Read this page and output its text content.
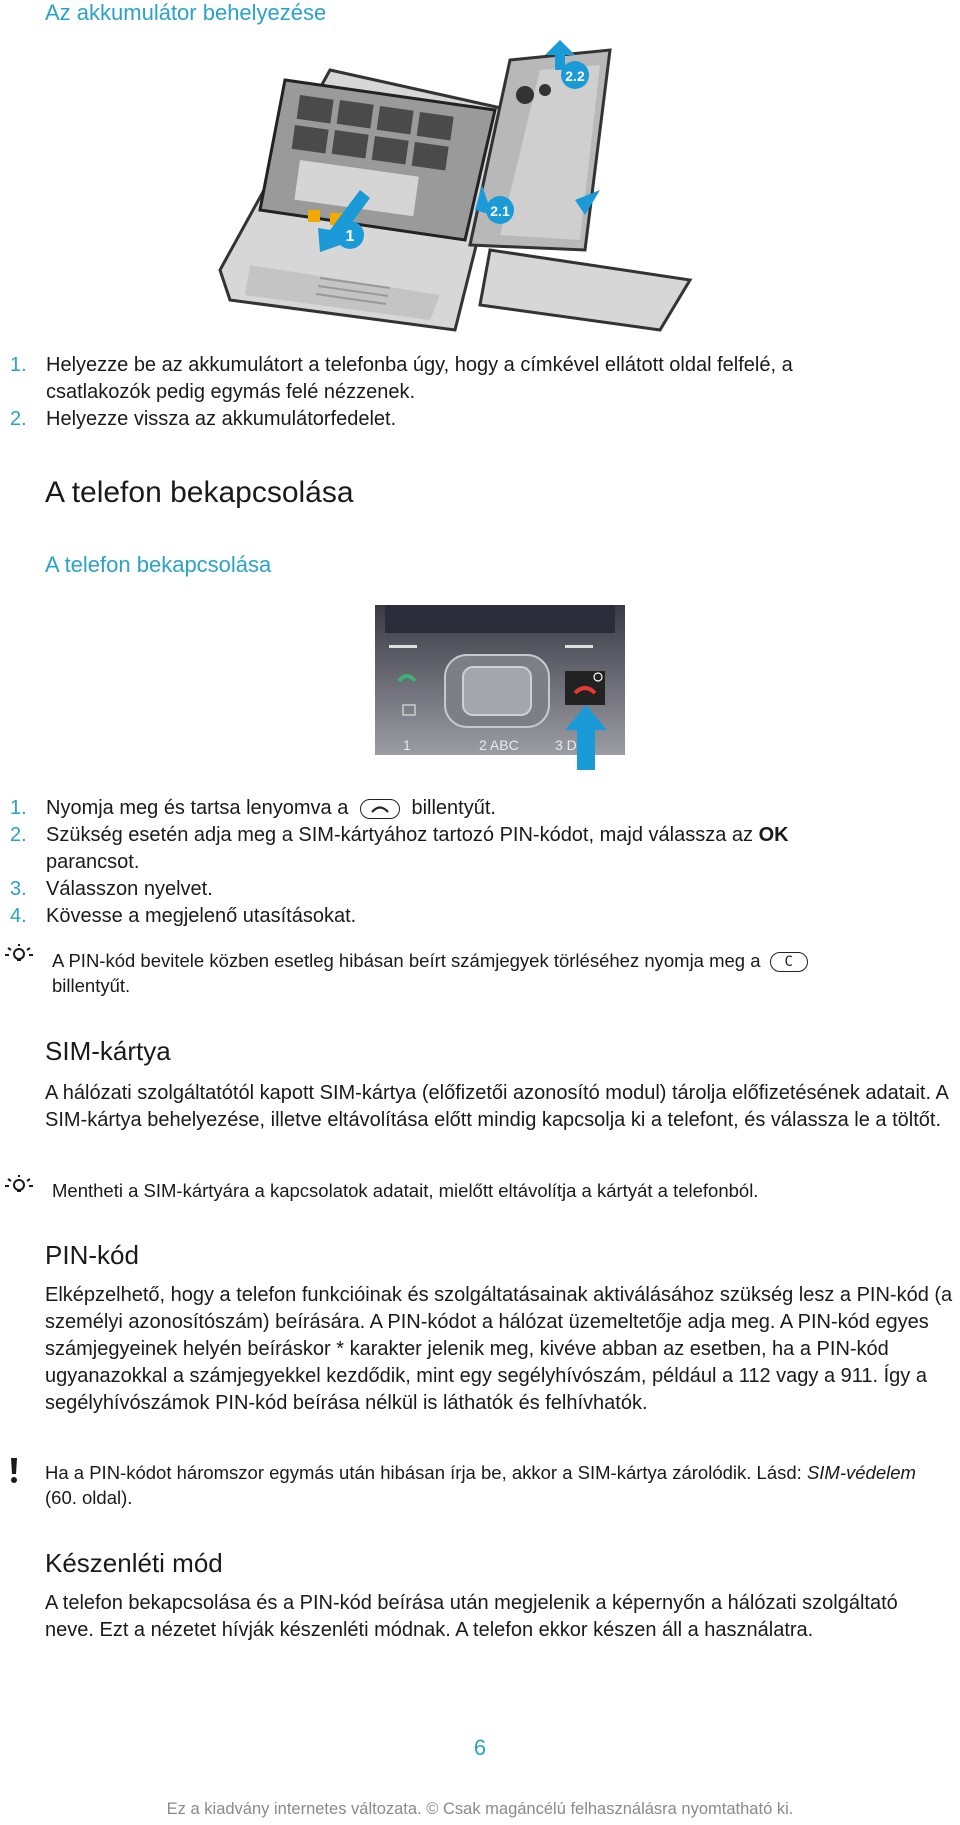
Az akkumulátor behelyezése
1
2.2
2.1
1. Helyezze be az akkumulátort a telefonba úgy, hogy a címkével ellátott oldal felfelé, a csatlakozók pedig egymás felé nézzenek.
2. Helyezze vissza az akkumulátorfedelet.
A telefon bekapcsolása
A telefon bekapcsolása
1	2 ABC	3 D
1. Nyomja meg és tartsa lenyomva a	billentyűt.
2. Szükség esetén adja meg a SIM-kártyához tartozó PIN-kódot, majd válassza az OK parancsot.
3. Válasszon nyelvet.
4. Kövesse a megjelenő utasításokat.
A PIN-kód bevitele közben esetleg hibásan beírt számjegyek törléséhez nyomja meg a C
billentyűt.
SIM-kártya
A hálózati szolgáltatótól kapott SIM-kártya (előfizetői azonosító modul) tárolja előfizetésének adatait. A SIM-kártya behelyezése, illetve eltávolítása előtt mindig kapcsolja ki a telefont, és válassza le a töltőt.
Mentheti a SIM-kártyára a kapcsolatok adatait, mielőtt eltávolítja a kártyát a telefonból.
PIN-kód
Elképzelhető, hogy a telefon funkcióinak és szolgáltatásainak aktiválásához szükség lesz a PIN-kód (a személyi azonosítószám) beírására. A PIN-kódot a hálózat üzemeltetője adja meg. A PIN-kód egyes számjegyeinek helyén beíráskor * karakter jelenik meg, kivéve abban az esetben, ha a PIN-kód ugyanazokkal a számjegyekkel kezdődik, mint egy segélyhívószám, például a 112 vagy a 911. Így a segélyhívószámok PIN-kód beírása nélkül is láthatók és felhívhatók.
Ha a PIN-kódot háromszor egymás után hibásan írja be, akkor a SIM-kártya zárolódik. Lásd: SIM-védelem (60. oldal).
Készenléti mód
A telefon bekapcsolása és a PIN-kód beírása után megjelenik a képernyőn a hálózati szolgáltató neve. Ezt a nézetet hívják készenléti módnak. A telefon ekkor készen áll a használatra.
6
Ez a kiadvány internetes változata. © Csak magáncélú felhasználásra nyomtatható ki.
